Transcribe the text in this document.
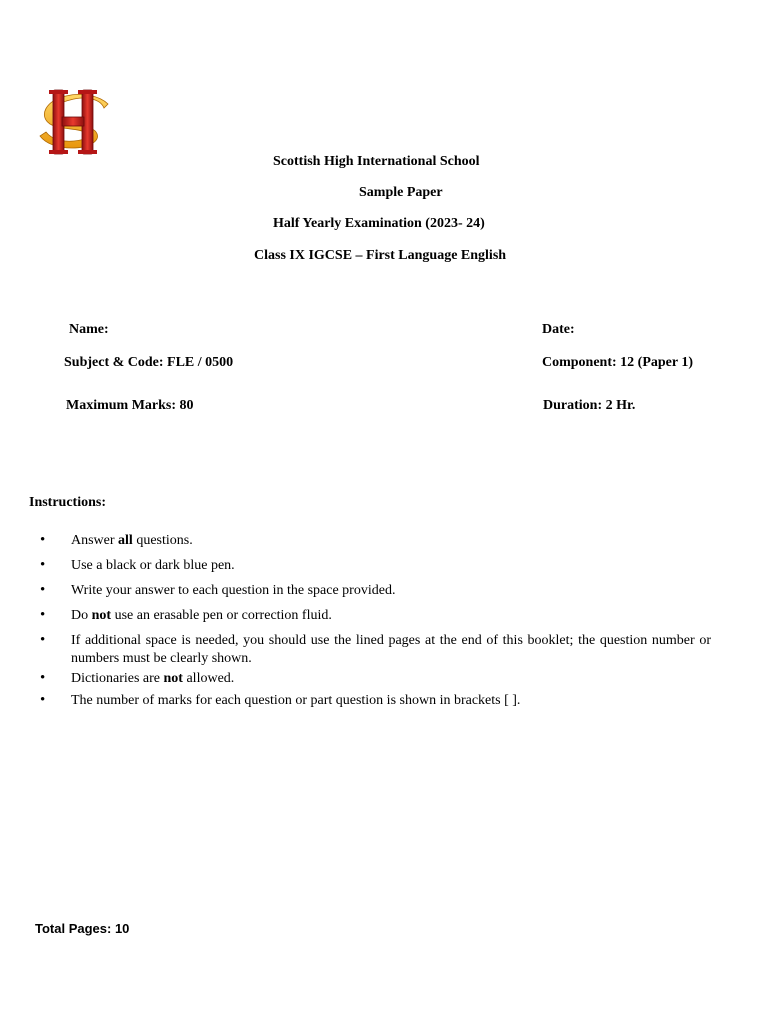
Scottish High International School
Sample Paper
Half Yearly Examination (2023- 24)
Class IX IGCSE – First Language English
Name:	Date:
Subject & Code: FLE / 0500	Component: 12 (Paper 1)
Maximum Marks: 80	Duration: 2 Hr.
Instructions:
• Answer all questions.
• Use a black or dark blue pen.
• Write your answer to each question in the space provided.
• Do not use an erasable pen or correction fluid.
• If additional space is needed, you should use the lined pages at the end of this booklet; the question number or numbers must be clearly shown.
• Dictionaries are not allowed.
• The number of marks for each question or part question is shown in brackets [ ].
Total Pages: 10
